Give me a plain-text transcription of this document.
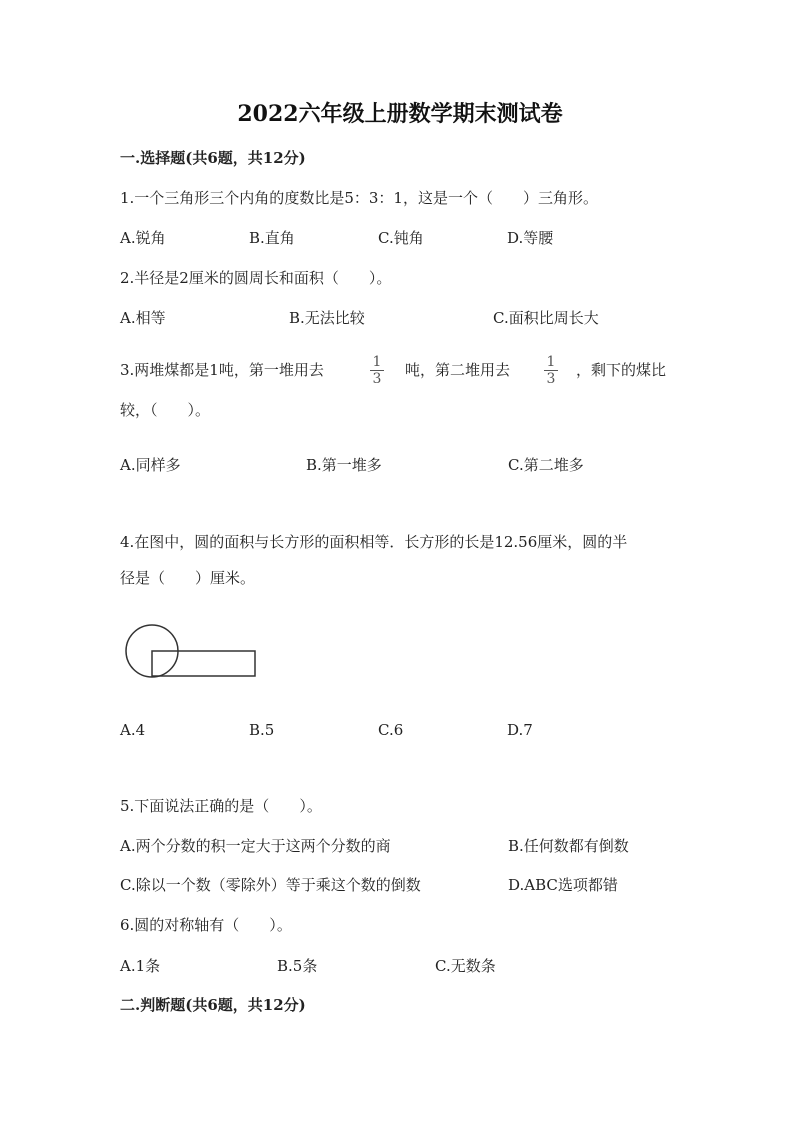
2022六年级上册数学期末测试卷
一.选择题(共6题，共12分)
1.一个三角形三个内角的度数比是5：3：1，这是一个（　　）三角形。
A.锐角	B.直角	C.钝角	D.等腰
2.半径是2厘米的圆周长和面积（　　）。
A.相等	B.无法比较	C.面积比周长大
3.两堆煤都是1吨，第一堆用去	1
3 吨，第二堆用去	1
3 ，剩下的煤比
较，（　　）。
A.同样多	B.第一堆多	C.第二堆多
4.在图中，圆的面积与长方形的面积相等．长方形的长是12.56厘米，圆的半
径是（　　）厘米。
A.4	B.5	C.6	D.7
5.下面说法正确的是（　　）。
A.两个分数的积一定大于这两个分数的商	B.任何数都有倒数
C.除以一个数（零除外）等于乘这个数的倒数	D.ABC选项都错
6.圆的对称轴有（　　）。
A.1条	B.5条	C.无数条
二.判断题(共6题，共12分)
